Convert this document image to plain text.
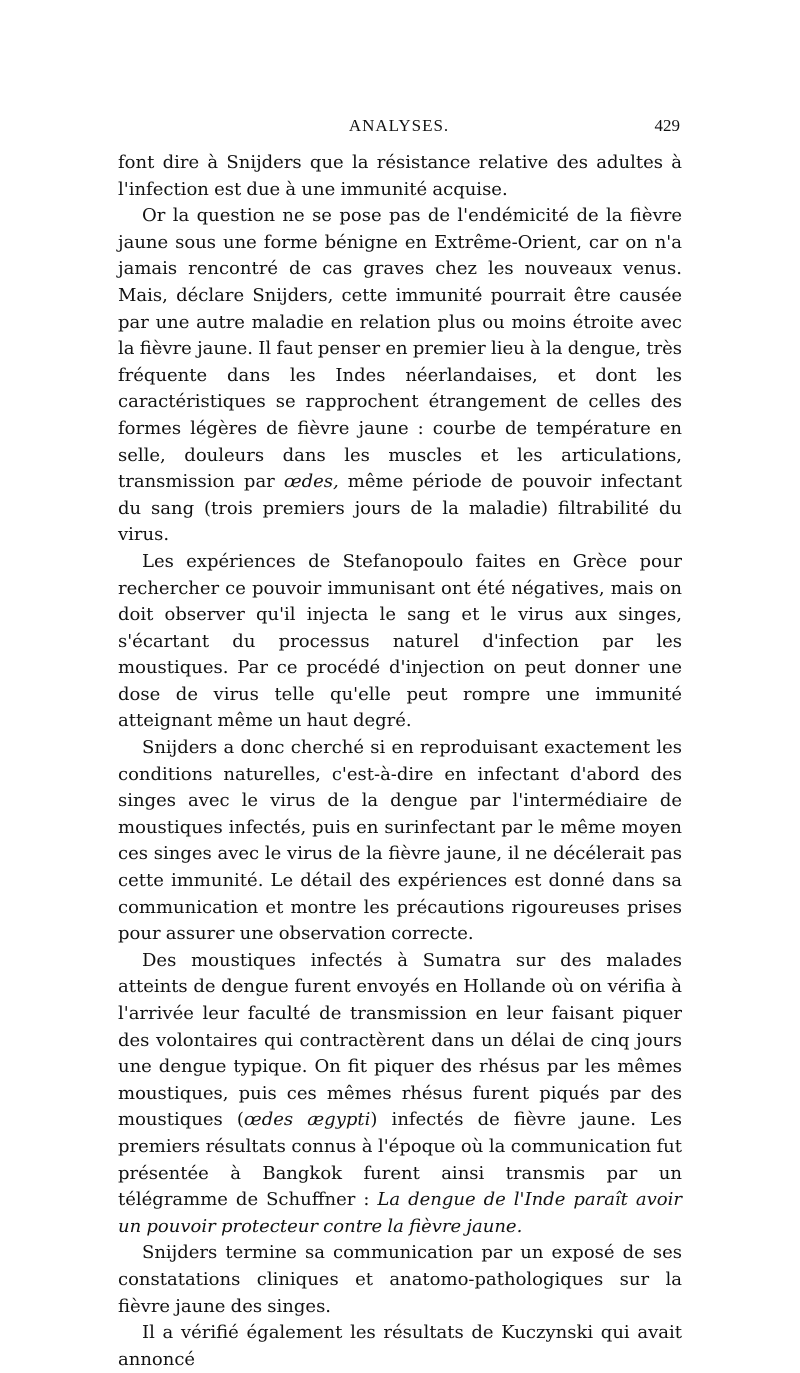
ANALYSES.	429

font dire à Snijders que la résistance relative des adultes à l'infection est due à une immunité acquise.

Or la question ne se pose pas de l'endémicité de la fièvre jaune sous une forme bénigne en Extrême-Orient, car on n'a jamais rencontré de cas graves chez les nouveaux venus. Mais, déclare Snijders, cette immunité pourrait être causée par une autre maladie en relation plus ou moins étroite avec la fièvre jaune. Il faut penser en premier lieu à la dengue, très fréquente dans les Indes néerlandaises, et dont les caractéristiques se rapprochent étrangement de celles des formes légères de fièvre jaune : courbe de température en selle, douleurs dans les muscles et les articulations, transmission par œdes, même période de pouvoir infectant du sang (trois premiers jours de la maladie) filtrabilité du virus.

Les expériences de Stefanopoulo faites en Grèce pour rechercher ce pouvoir immunisant ont été négatives, mais on doit observer qu'il injecta le sang et le virus aux singes, s'écartant du processus naturel d'infection par les moustiques. Par ce procédé d'injection on peut donner une dose de virus telle qu'elle peut rompre une immunité atteignant même un haut degré.

Snijders a donc cherché si en reproduisant exactement les conditions naturelles, c'est-à-dire en infectant d'abord des singes avec le virus de la dengue par l'intermédiaire de moustiques infectés, puis en surinfectant par le même moyen ces singes avec le virus de la fièvre jaune, il ne décélerait pas cette immunité. Le détail des expériences est donné dans sa communication et montre les précautions rigoureuses prises pour assurer une observation correcte.

Des moustiques infectés à Sumatra sur des malades atteints de dengue furent envoyés en Hollande où on vérifia à l'arrivée leur faculté de transmission en leur faisant piquer des volontaires qui contractèrent dans un délai de cinq jours une dengue typique. On fit piquer des rhésus par les mêmes moustiques, puis ces mêmes rhésus furent piqués par des moustiques (œdes ægypti) infectés de fièvre jaune. Les premiers résultats connus à l'époque où la communication fut présentée à Bangkok furent ainsi transmis par un télégramme de Schuffner : La dengue de l'Inde paraît avoir un pouvoir protecteur contre la fièvre jaune.

Snijders termine sa communication par un exposé de ses constatations cliniques et anatomo-pathologiques sur la fièvre jaune des singes.

Il a vérifié également les résultats de Kuczynski qui avait annoncé
